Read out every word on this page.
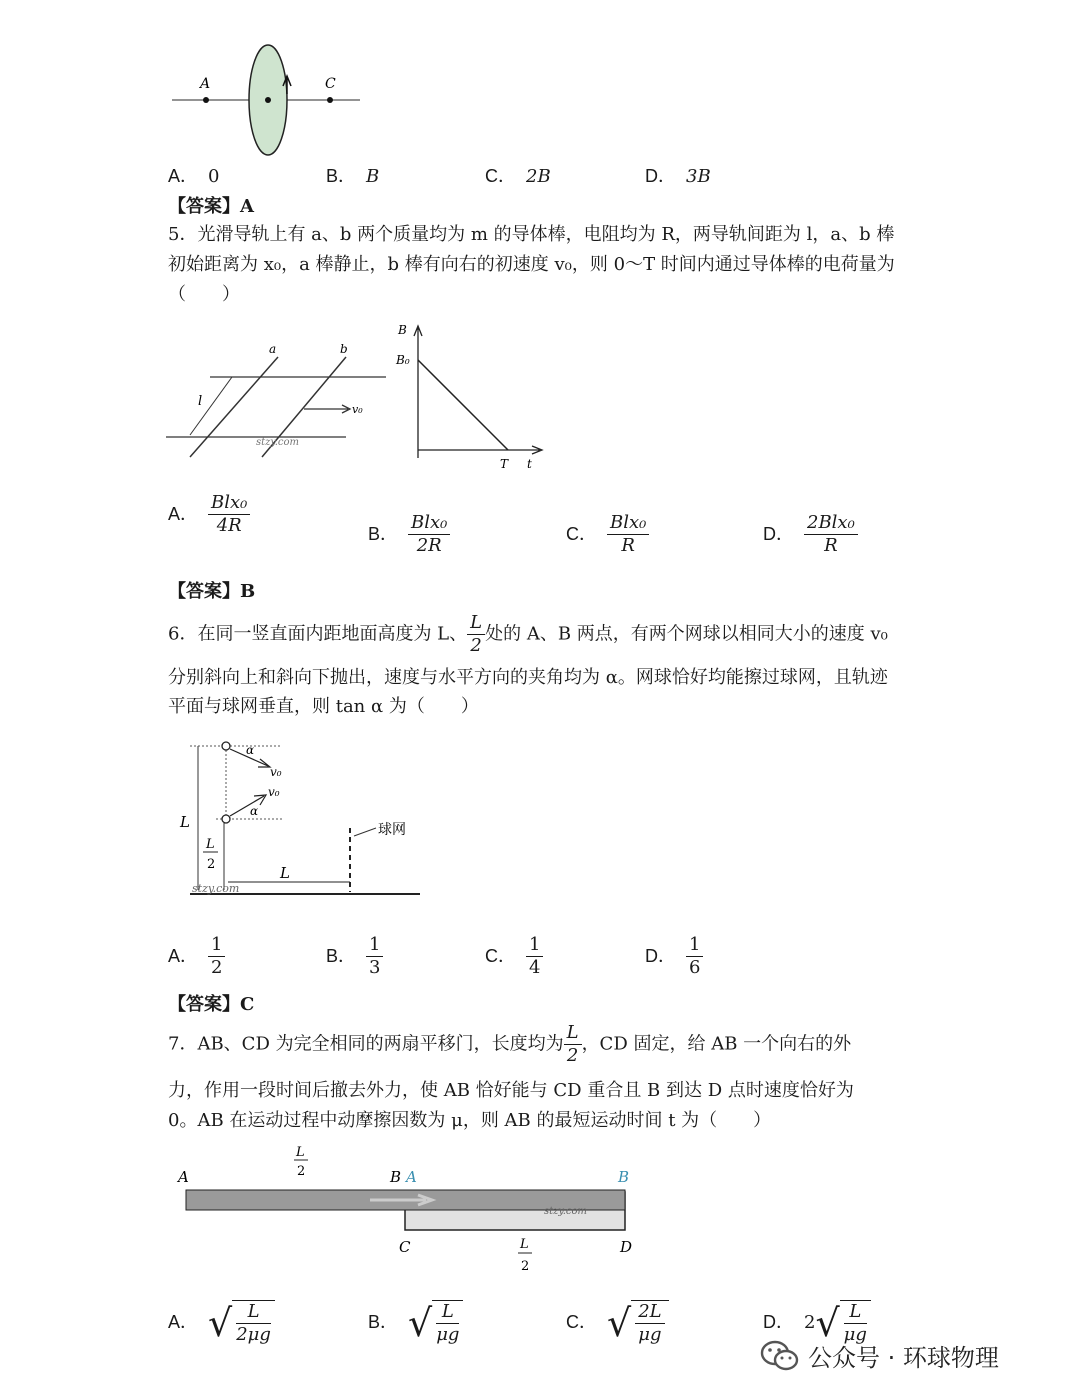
A	C
A． 0	B． B	C． 2B	D． 3B
【答案】A
5．光滑导轨上有 a、b 两个质量均为 m 的导体棒，电阻均为 R，两导轨间距为 l，a、b 棒
初始距离为 x₀，a 棒静止，b 棒有向右的初速度 v₀，则 0～T 时间内通过导体棒的电荷量为
（　　）
a	b
l
v₀
stzy.com
B
B₀
T t
A． $\frac{\text{Blx₀}}{4R}$	B． $\frac{\text{Blx₀}}{2R}$	C． $\frac{\text{Blx₀}}{R}$	D． $\frac{\text{2Blx₀}}{R}$
【答案】B
6．在同一竖直面内距地面高度为 L、 $\frac{L}{2}$ 处的 A、B 两点，有两个网球以相同大小的速度 v₀
分别斜向上和斜向下抛出，速度与水平方向的夹角均为 α。网球恰好均能擦过球网，且轨迹
平面与球网垂直，则 tan α 为（　　）
α
v₀
v₀
α
L
L
2
球网
L
stzy.com
A． $\frac{1}{2}$	B． $\frac{1}{3}$	C． $\frac{1}{4}$	D． $\frac{1}{6}$
【答案】C
7．AB、CD 为完全相同的两扇平移门，长度均为 $\frac{L}{2}$ ，CD 固定，给 AB 一个向右的外
力，作用一段时间后撤去外力，使 AB 恰好能与 CD 重合且 B 到达 D 点时速度恰好为
0。AB 在运动过程中动摩擦因数为 μ，则 AB 的最短运动时间 t 为（　　）
L
2
A	B A	B
stzy.com
C	D
L
2
A． √ $\frac{L}{2\mu g}$	B． √ $\frac{L}{\mu g}$	C． √ $\frac{2L}{\mu g}$	D． 2 √ $\frac{L}{\mu g}$
公众号 · 环球物理
